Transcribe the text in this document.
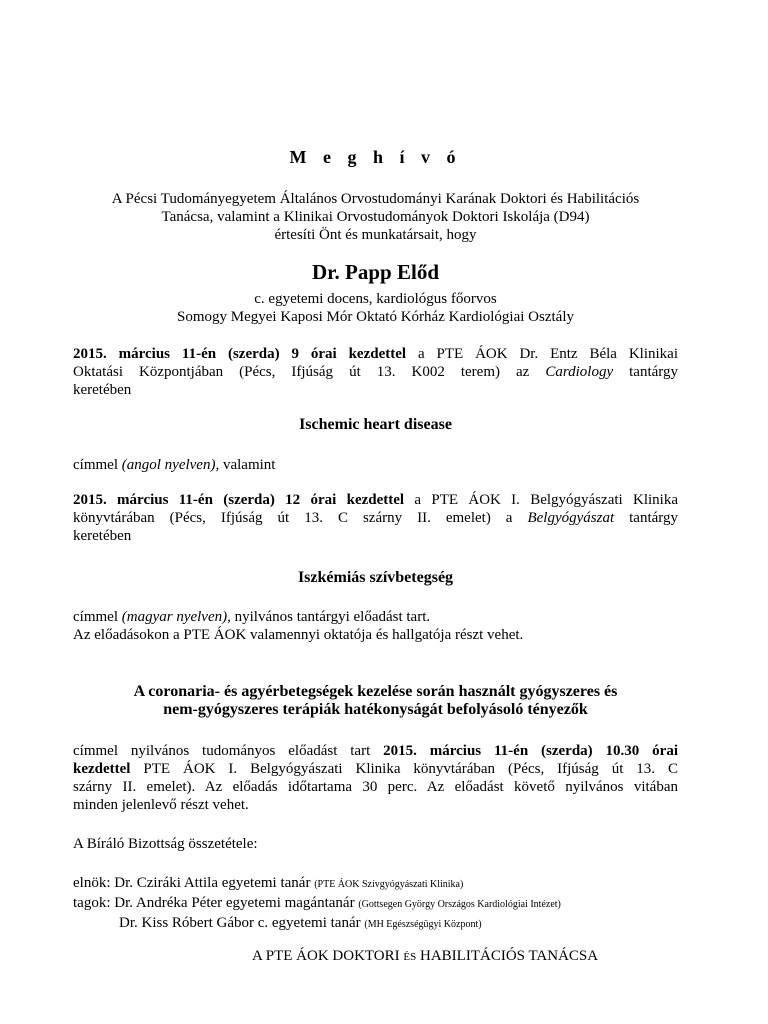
M e g h í v ó
A Pécsi Tudományegyetem Általános Orvostudományi Karának Doktori és Habilitációs
Tanácsa, valamint a Klinikai Orvostudományok Doktori Iskolája (D94)
értesíti Önt és munkatársait, hogy
Dr. Papp Előd
c. egyetemi docens, kardiológus főorvos
Somogy Megyei Kaposi Mór Oktató Kórház Kardiológiai Osztály
2015. március 11-én (szerda) 9 órai kezdettel a PTE ÁOK Dr. Entz Béla Klinikai
Oktatási Központjában (Pécs, Ifjúság út 13. K002 terem) az Cardiology tantárgy
keretében
Ischemic heart disease
címmel (angol nyelven), valamint
2015. március 11-én (szerda) 12 órai kezdettel a PTE ÁOK I. Belgyógyászati Klinika
könyvtárában (Pécs, Ifjúság út 13. C szárny II. emelet) a Belgyógyászat tantárgy
keretében
Iszkémiás szívbetegség
címmel (magyar nyelven), nyilvános tantárgyi előadást tart.
Az előadásokon a PTE ÁOK valamennyi oktatója és hallgatója részt vehet.
A coronaria- és agyérbetegségek kezelése során használt gyógyszeres és
nem-gyógyszeres terápiák hatékonyságát befolyásoló tényezők
címmel nyilvános tudományos előadást tart 2015. március 11-én (szerda) 10.30 órai
kezdettel PTE ÁOK I. Belgyógyászati Klinika könyvtárában (Pécs, Ifjúság út 13. C
szárny II. emelet). Az előadás időtartama 30 perc. Az előadást követő nyilvános vitában
minden jelenlevő részt vehet.
A Bíráló Bizottság összetétele:
elnök: Dr. Cziráki Attila egyetemi tanár (PTE ÁOK Szívgyógyászati Klinika)
tagok: Dr. Andréka Péter egyetemi magántanár (Gottsegen György Országos Kardiológiai Intézet)
Dr. Kiss Róbert Gábor c. egyetemi tanár (MH Egészségügyi Központ)
A PTE ÁOK DOKTORI ÉS HABILITÁCIÓS TANÁCSA
